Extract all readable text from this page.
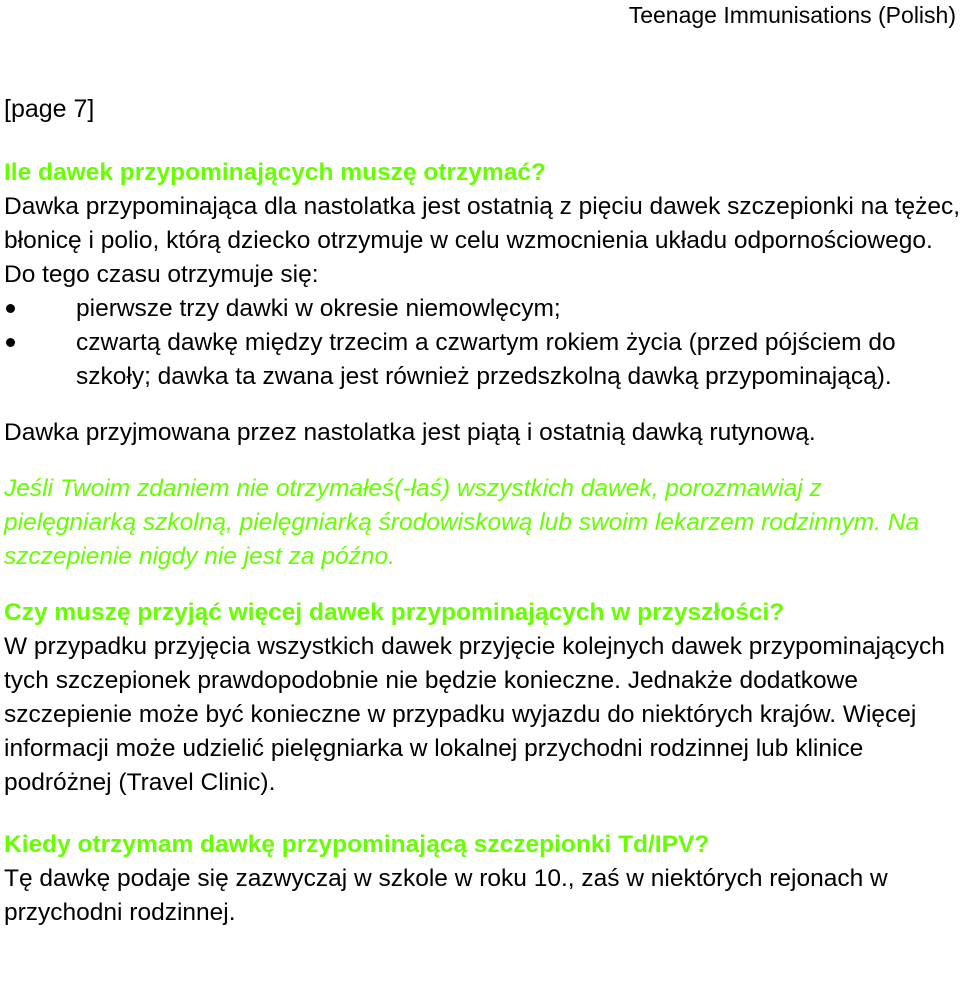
Teenage Immunisations (Polish)
[page 7]
Ile dawek przypominających muszę otrzymać?

Dawka przypominająca dla nastolatka jest ostatnią z pięciu dawek szczepionki na tężec, błonicę i polio, którą dziecko otrzymuje w celu wzmocnienia układu odpornościowego. Do tego czasu otrzymuje się:

pierwsze trzy dawki w okresie niemowlęcym;
czwartą dawkę między trzecim a czwartym rokiem życia (przed pójściem do szkoły; dawka ta zwana jest również przedszkolną dawką przypominającą).

Dawka przyjmowana przez nastolatka jest piątą i ostatnią dawką rutynową.

Jeśli Twoim zdaniem nie otrzymałeś(-łaś) wszystkich dawek, porozmawiaj z pielęgniarką szkolną, pielęgniarką środowiskową lub swoim lekarzem rodzinnym. Na szczepienie nigdy nie jest za późno.

Czy muszę przyjąć więcej dawek przypominających w przyszłości?

W przypadku przyjęcia wszystkich dawek przyjęcie kolejnych dawek przypominających tych szczepionek prawdopodobnie nie będzie konieczne. Jednakże dodatkowe szczepienie może być konieczne w przypadku wyjazdu do niektórych krajów. Więcej informacji może udzielić pielęgniarka w lokalnej przychodni rodzinnej lub klinice podróżnej (Travel Clinic).

Kiedy otrzymam dawkę przypominającą szczepionki Td/IPV?

Tę dawkę podaje się zazwyczaj w szkole w roku 10., zaś w niektórych rejonach w przychodni rodzinnej.
